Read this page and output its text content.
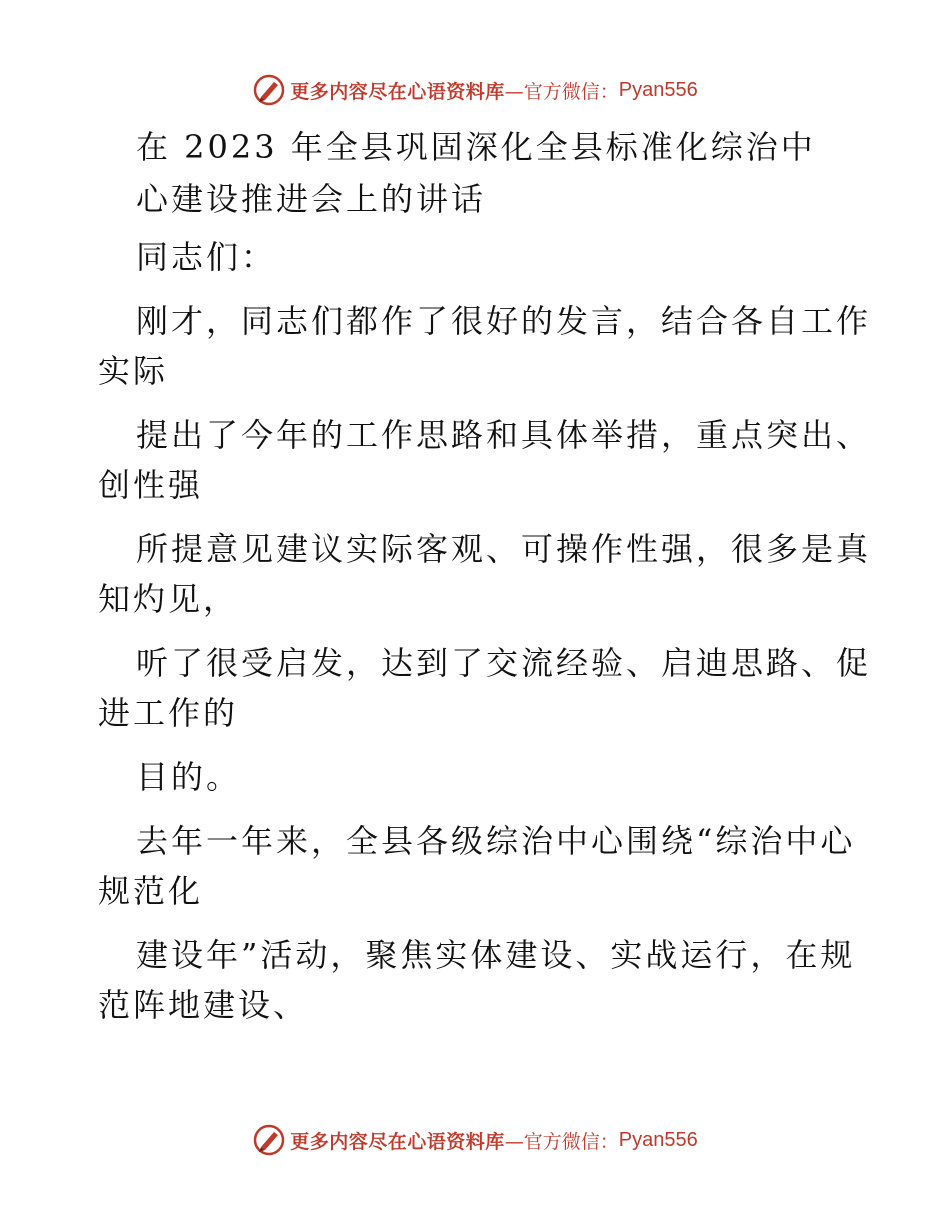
更多内容尽在心语资料库 —官方微信： Pyan556
在 2023 年全县巩固深化全县标准化综治中
心建设推进会上的讲话
同志们：
刚才，同志们都作了很好的发言，结合各自工作
实际
提出了今年的工作思路和具体举措，重点突出、
创性强
所提意见建议实际客观、可操作性强，很多是真
知灼见，
听了很受启发，达到了交流经验、启迪思路、促
进工作的
目的。
去年一年来，全县各级综治中心围绕“综治中心
规范化
建设年”活动，聚焦实体建设、实战运行，在规
范阵地建设、
更多内容尽在心语资料库 —官方微信： Pyan556
